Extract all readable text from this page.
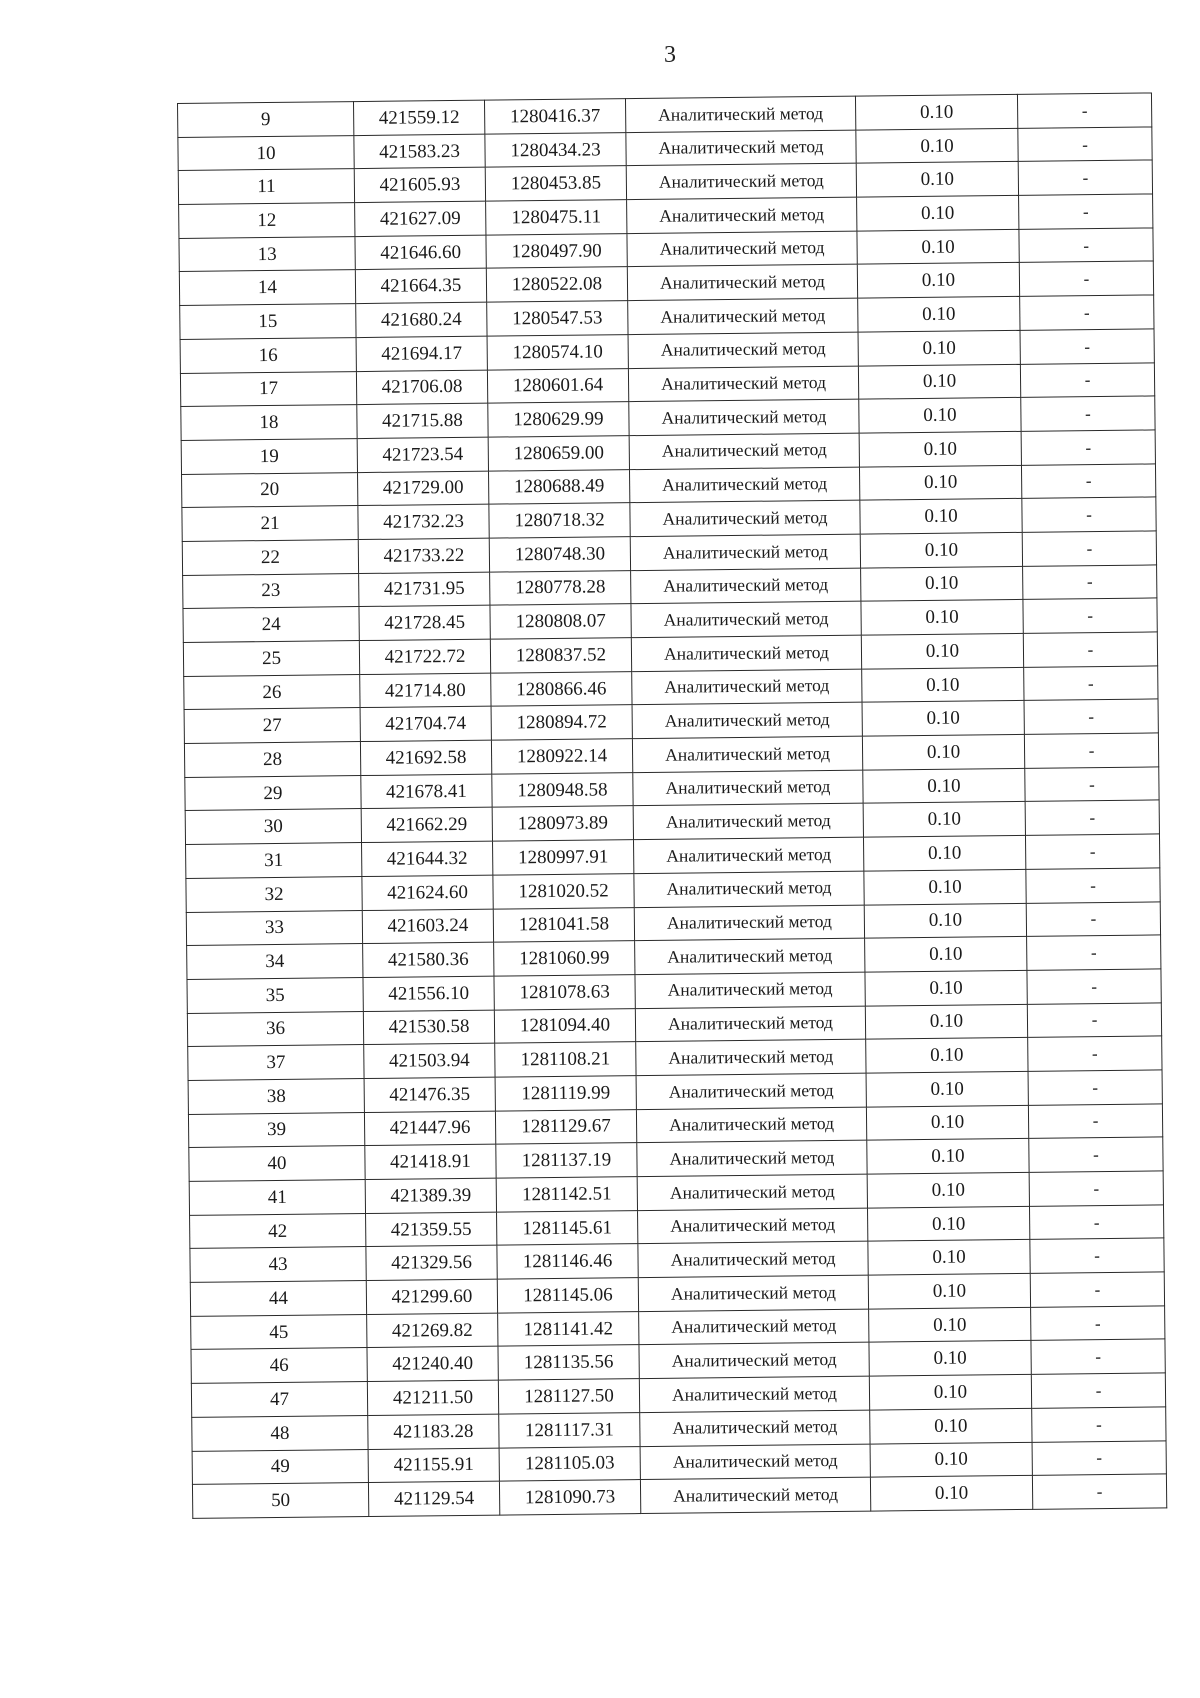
3
9	421559.12	1280416.37	Аналитический метод	0.10	-
10	421583.23	1280434.23	Аналитический метод	0.10	-
11	421605.93	1280453.85	Аналитический метод	0.10	-
12	421627.09	1280475.11	Аналитический метод	0.10	-
13	421646.60	1280497.90	Аналитический метод	0.10	-
14	421664.35	1280522.08	Аналитический метод	0.10	-
15	421680.24	1280547.53	Аналитический метод	0.10	-
16	421694.17	1280574.10	Аналитический метод	0.10	-
17	421706.08	1280601.64	Аналитический метод	0.10	-
18	421715.88	1280629.99	Аналитический метод	0.10	-
19	421723.54	1280659.00	Аналитический метод	0.10	-
20	421729.00	1280688.49	Аналитический метод	0.10	-
21	421732.23	1280718.32	Аналитический метод	0.10	-
22	421733.22	1280748.30	Аналитический метод	0.10	-
23	421731.95	1280778.28	Аналитический метод	0.10	-
24	421728.45	1280808.07	Аналитический метод	0.10	-
25	421722.72	1280837.52	Аналитический метод	0.10	-
26	421714.80	1280866.46	Аналитический метод	0.10	-
27	421704.74	1280894.72	Аналитический метод	0.10	-
28	421692.58	1280922.14	Аналитический метод	0.10	-
29	421678.41	1280948.58	Аналитический метод	0.10	-
30	421662.29	1280973.89	Аналитический метод	0.10	-
31	421644.32	1280997.91	Аналитический метод	0.10	-
32	421624.60	1281020.52	Аналитический метод	0.10	-
33	421603.24	1281041.58	Аналитический метод	0.10	-
34	421580.36	1281060.99	Аналитический метод	0.10	-
35	421556.10	1281078.63	Аналитический метод	0.10	-
36	421530.58	1281094.40	Аналитический метод	0.10	-
37	421503.94	1281108.21	Аналитический метод	0.10	-
38	421476.35	1281119.99	Аналитический метод	0.10	-
39	421447.96	1281129.67	Аналитический метод	0.10	-
40	421418.91	1281137.19	Аналитический метод	0.10	-
41	421389.39	1281142.51	Аналитический метод	0.10	-
42	421359.55	1281145.61	Аналитический метод	0.10	-
43	421329.56	1281146.46	Аналитический метод	0.10	-
44	421299.60	1281145.06	Аналитический метод	0.10	-
45	421269.82	1281141.42	Аналитический метод	0.10	-
46	421240.40	1281135.56	Аналитический метод	0.10	-
47	421211.50	1281127.50	Аналитический метод	0.10	-
48	421183.28	1281117.31	Аналитический метод	0.10	-
49	421155.91	1281105.03	Аналитический метод	0.10	-
50	421129.54	1281090.73	Аналитический метод	0.10	-
